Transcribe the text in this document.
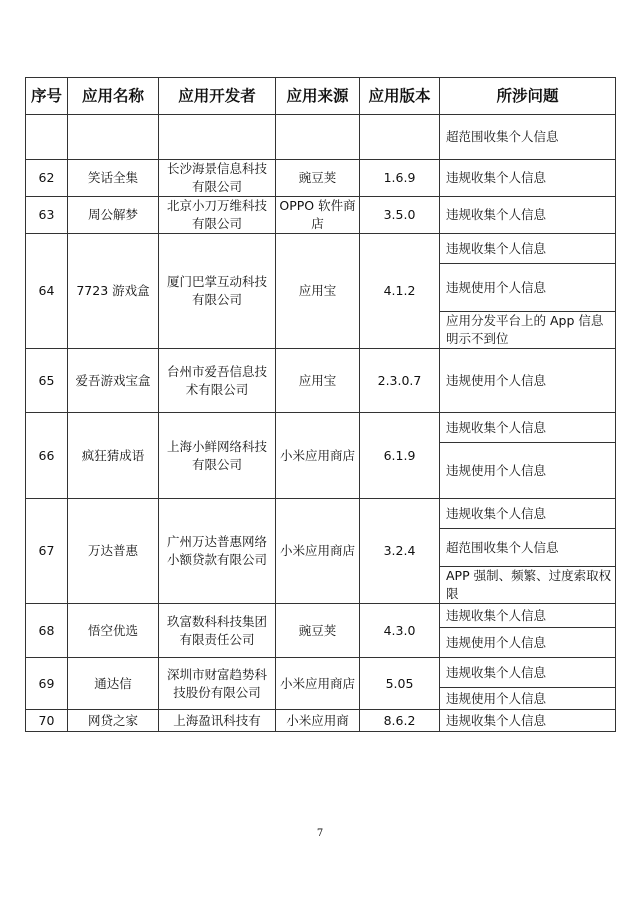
序号	应用名称	应用开发者	应用来源	应用版本	所涉问题
					超范围收集个人信息
62	笑话全集	长沙海景信息科技有限公司	豌豆荚	1.6.9	违规收集个人信息
63	周公解梦	北京小刀万维科技有限公司	OPPO 软件商店	3.5.0	违规收集个人信息
64	7723 游戏盒	厦门巴掌互动科技有限公司	应用宝	4.1.2	违规收集个人信息
					违规使用个人信息
					应用分发平台上的 App 信息明示不到位
65	爱吾游戏宝盒	台州市爱吾信息技术有限公司	应用宝	2.3.0.7	违规使用个人信息
66	疯狂猜成语	上海小鲜网络科技有限公司	小米应用商店	6.1.9	违规收集个人信息
					违规使用个人信息
67	万达普惠	广州万达普惠网络小额贷款有限公司	小米应用商店	3.2.4	违规收集个人信息
					超范围收集个人信息
					APP 强制、频繁、过度索取权限
68	悟空优选	玖富数科科技集团有限责任公司	豌豆荚	4.3.0	违规收集个人信息
					违规使用个人信息
69	通达信	深圳市财富趋势科技股份有限公司	小米应用商店	5.05	违规收集个人信息
					违规使用个人信息
70	网贷之家	上海盈讯科技有	小米应用商	8.6.2	违规收集个人信息
7
